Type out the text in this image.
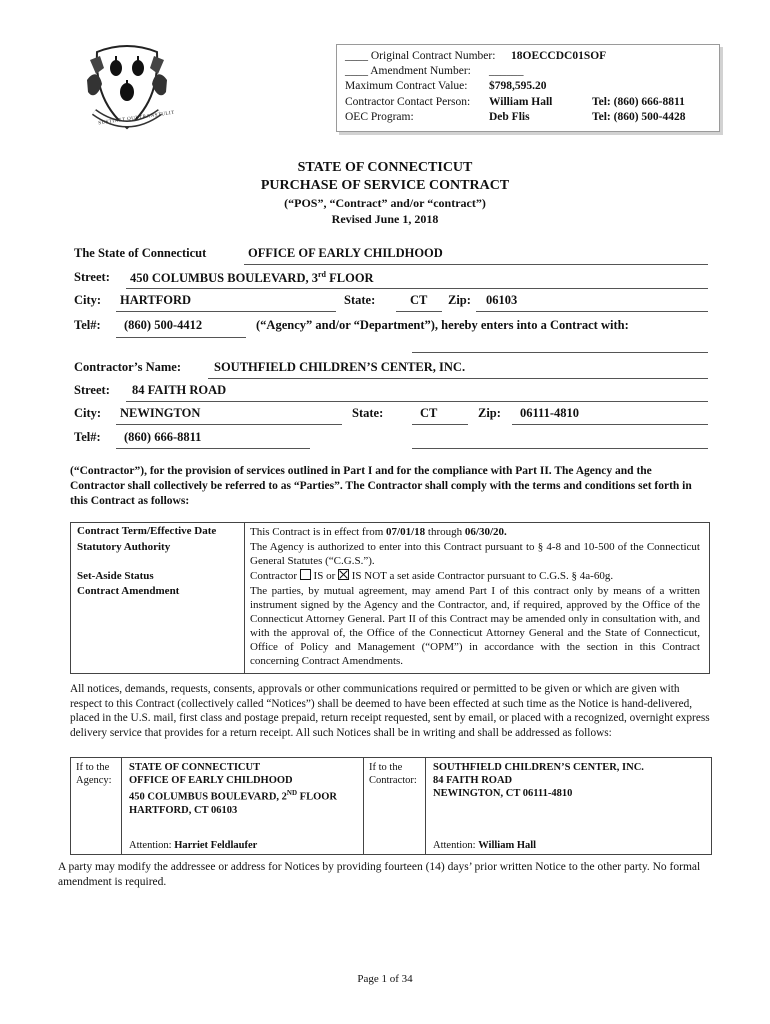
SUSTINET QUI TRANSTULIT
____ Original Contract Number: 18OECCDC01SOF
____ Amendment Number: ______
Maximum Contract Value: $798,595.20
Contractor Contact Person: William Hall	Tel: (860) 666-8811
OEC Program:	Deb Flis	Tel: (860) 500-4428
STATE OF CONNECTICUT
PURCHASE OF SERVICE CONTRACT
(“POS”, “Contract” and/or “contract”)
Revised June 1, 2018
The State of Connecticut	OFFICE OF EARLY CHILDHOOD
Street: 450 COLUMBUS BOULEVARD, 3rd FLOOR
City: HARTFORD	State:	CT Zip: 06103
Tel#: (860) 500-4412	(“Agency” and/or “Department”), hereby enters into a Contract with:
Contractor’s Name:	SOUTHFIELD CHILDREN’S CENTER, INC.
Street: 84 FAITH ROAD
City: NEWINGTON	State:	CT	Zip: 06111-4810
Tel#: (860) 666-8811
(“Contractor”), for the provision of services outlined in Part I and for the compliance with Part II. The Agency and the Contractor shall collectively be referred to as “Parties”. The Contractor shall comply with the terms and conditions set forth in this Contract as follows:
Contract Term/Effective Date	This Contract is in effect from 07/01/18 through 06/30/20.
Statutory Authority	The Agency is authorized to enter into this Contract pursuant to § 4-8 and 10-500 of the Connecticut General Statutes (“C.G.S.”).
Set-Aside Status	Contractor  IS or  IS NOT a set aside Contractor pursuant to C.G.S. § 4a-60g.
Contract Amendment	The parties, by mutual agreement, may amend Part I of this contract only by means of a written instrument signed by the Agency and the Contractor, and, if required, approved by the Office of the Connecticut Attorney General. Part II of this Contract may be amended only in consultation with, and with the approval of, the Office of the Connecticut Attorney General and the State of Connecticut, Office of Policy and Management (“OPM”) in accordance with the section in this Contract concerning Contract Amendments.
All notices, demands, requests, consents, approvals or other communications required or permitted to be given or which are given with respect to this Contract (collectively called “Notices”) shall be deemed to have been effected at such time as the Notice is hand-delivered, placed in the U.S. mail, first class and postage prepaid, return receipt requested, sent by email, or placed with a recognized, overnight express delivery service that provides for a return receipt. All such Notices shall be in writing and shall be addressed as follows:
If to the Agency:
STATE OF CONNECTICUT
OFFICE OF EARLY CHILDHOOD
450 COLUMBUS BOULEVARD, 2ND FLOOR
HARTFORD, CT 06103
Attention: Harriet Feldlaufer
If to the Contractor:
SOUTHFIELD CHILDREN’S CENTER, INC.
84 FAITH ROAD
NEWINGTON, CT 06111-4810
Attention: William Hall
A party may modify the addressee or address for Notices by providing fourteen (14) days’ prior written Notice to the other party. No formal amendment is required.
Page 1 of 34
